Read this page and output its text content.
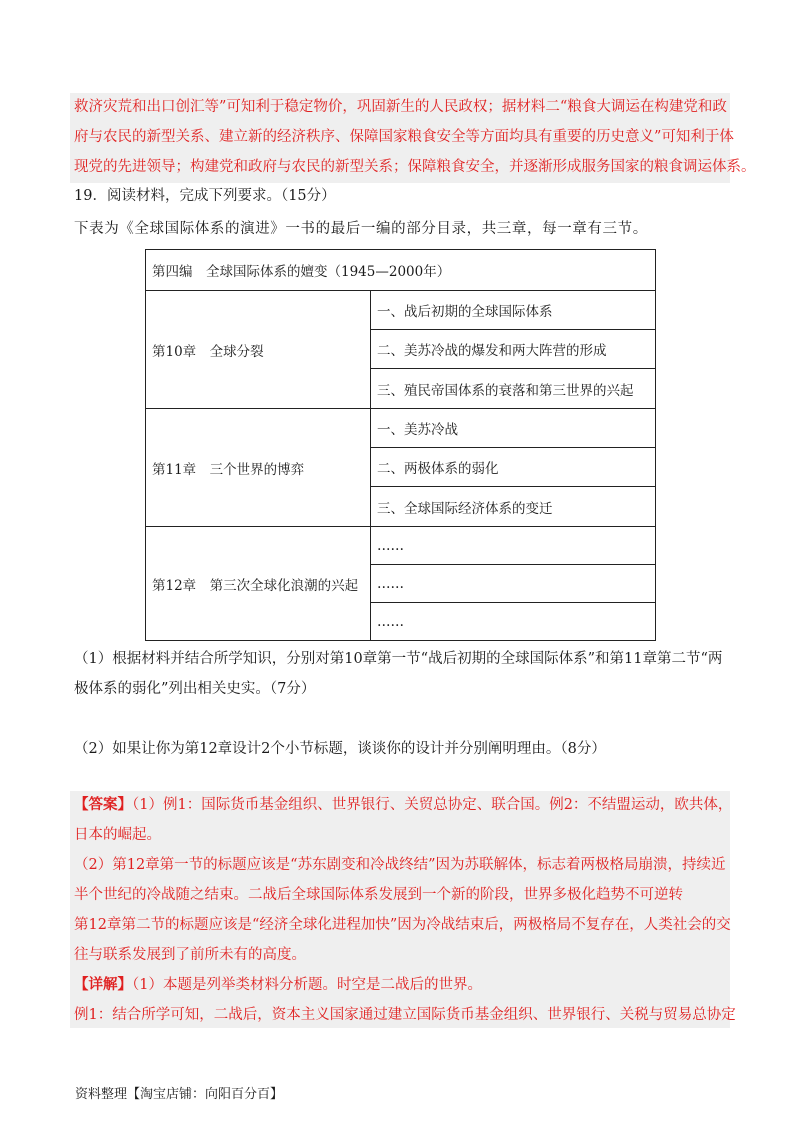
救济灾荒和出口创汇等”可知利于稳定物价，巩固新生的人民政权；据材料二“粮食大调运在构建党和政
府与农民的新型关系、建立新的经济秩序、保障国家粮食安全等方面均具有重要的历史意义”可知利于体
现党的先进领导；构建党和政府与农民的新型关系；保障粮食安全，并逐渐形成服务国家的粮食调运体系。
19．阅读材料，完成下列要求。（15分）
下表为《全球国际体系的演进》一书的最后一编的部分目录，共三章，每一章有三节。
第四编　全球国际体系的嬗变（1945—2000年）	
第10章　全球分裂	一、战后初期的全球国际体系
	二、美苏冷战的爆发和两大阵营的形成
	三、殖民帝国体系的衰落和第三世界的兴起
第11章　三个世界的博弈	一、美苏冷战
	二、两极体系的弱化
	三、全球国际经济体系的变迁
第12章　第三次全球化浪潮的兴起	……
	……
	……
（1）根据材料并结合所学知识，分别对第10章第一节“战后初期的全球国际体系”和第11章第二节“两
极体系的弱化”列出相关史实。（7分）
（2）如果让你为第12章设计2个小节标题，谈谈你的设计并分别阐明理由。（8分）
【答案】（1）例1：国际货币基金组织、世界银行、关贸总协定、联合国。例2：不结盟运动，欧共体，
日本的崛起。
（2）第12章第一节的标题应该是“苏东剧变和冷战终结”因为苏联解体，标志着两极格局崩溃，持续近
半个世纪的冷战随之结束。二战后全球国际体系发展到一个新的阶段，世界多极化趋势不可逆转
第12章第二节的标题应该是“经济全球化进程加快”因为冷战结束后，两极格局不复存在，人类社会的交
往与联系发展到了前所未有的高度。
【详解】（1）本题是列举类材料分析题。时空是二战后的世界。
例1：结合所学可知，二战后，资本主义国家通过建立国际货币基金组织、世界银行、关税与贸易总协定
资料整理【淘宝店铺：向阳百分百】
